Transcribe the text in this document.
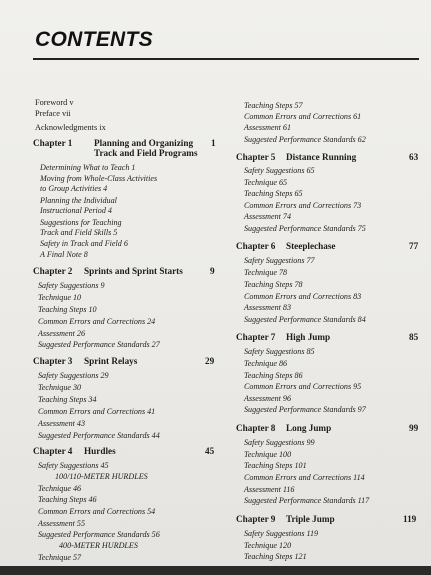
CONTENTS
Foreword v
Preface vii
Acknowledgments ix
Chapter 1 Planning and Organizing 1
Track and Field Programs
Determining What to Teach 1
Moving from Whole-Class Activities
to Group Activities 4
Planning the Individual
Instructional Period 4
Suggestions for Teaching
Track and Field Skills 5
Safety in Track and Field 6
A Final Note 8
Chapter 2 Sprints and Sprint Starts	9
Safety Suggestions 9
Technique 10
Teaching Steps 10
Common Errors and Corrections 24
Assessment 26
Suggested Performance Standards 27
Chapter 3 Sprint Relays	29
Safety Suggestions 29
Technique 30
Teaching Steps 34
Common Errors and Corrections 41
Assessment 43
Suggested Performance Standards 44
Chapter 4 Hurdles	45
Safety Suggestions 45
100/110-METER HURDLES
Technique 46
Teaching Steps 46
Common Errors and Corrections 54
Assessment 55
Suggested Performance Standards 56
400-METER HURDLES
Technique 57
Teaching Steps 57
Common Errors and Corrections 61
Assessment 61
Suggested Performance Standards 62
Chapter 5 Distance Running	63
Safety Suggestions 65
Technique 65
Teaching Steps 65
Common Errors and Corrections 73
Assessment 74
Suggested Performance Standards 75
Chapter 6 Steeplechase	77
Safety Suggestions 77
Technique 78
Teaching Steps 78
Common Errors and Corrections 83
Assessment 83
Suggested Performance Standards 84
Chapter 7 High Jump	85
Safety Suggestions 85
Technique 86
Teaching Steps 86
Common Errors and Corrections 95
Assessment 96
Suggested Performance Standards 97
Chapter 8 Long Jump	99
Safety Suggestions 99
Technique 100
Teaching Steps 101
Common Errors and Corrections 114
Assessment 116
Suggested Performance Standards 117
Chapter 9 Triple Jump	119
Safety Suggestions 119
Technique 120
Teaching Steps 121
